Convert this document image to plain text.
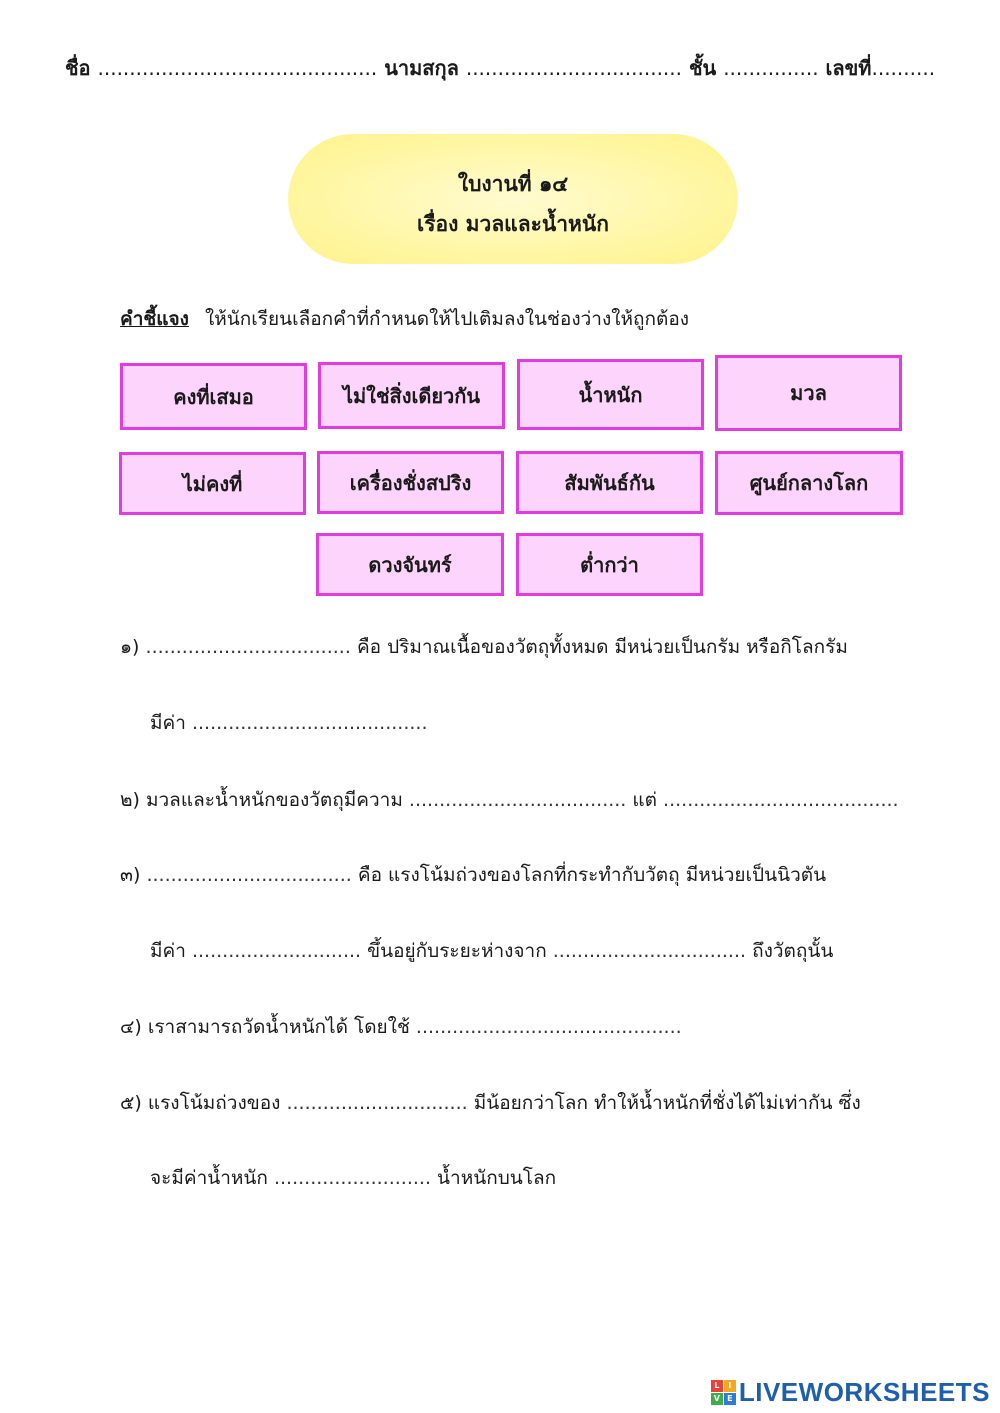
ชื่อ ............................................ นามสกุล .................................. ชั้น ............... เลขที่..........
ใบงานที่ ๑๔
เรื่อง มวลและน้ำหนัก
คำชี้แจง ให้นักเรียนเลือกคำที่กำหนดให้ไปเติมลงในช่องว่างให้ถูกต้อง
คงที่เสมอ	ไม่ใช่สิ่งเดียวกัน	น้ำหนัก	มวล
ไม่คงที่	เครื่องชั่งสปริง	สัมพันธ์กัน	ศูนย์กลางโลก
ดวงจันทร์	ต่ำกว่า
๑) .................................. คือ ปริมาณเนื้อของวัตถุทั้งหมด มีหน่วยเป็นกรัม หรือกิโลกรัม
มีค่า .......................................
๒) มวลและน้ำหนักของวัตถุมีความ .................................... แต่ .......................................
๓) .................................. คือ แรงโน้มถ่วงของโลกที่กระทำกับวัตถุ มีหน่วยเป็นนิวตัน
มีค่า ............................ ขึ้นอยู่กับระยะห่างจาก ................................ ถึงวัตถุนั้น
๔) เราสามารถวัดน้ำหนักได้ โดยใช้ ............................................
๕) แรงโน้มถ่วงของ .............................. มีน้อยกว่าโลก ทำให้น้ำหนักที่ชั่งได้ไม่เท่ากัน ซึ่ง
จะมีค่าน้ำหนัก .......................... น้ำหนักบนโลก
L	I
V E LIVEWORKSHEETS
